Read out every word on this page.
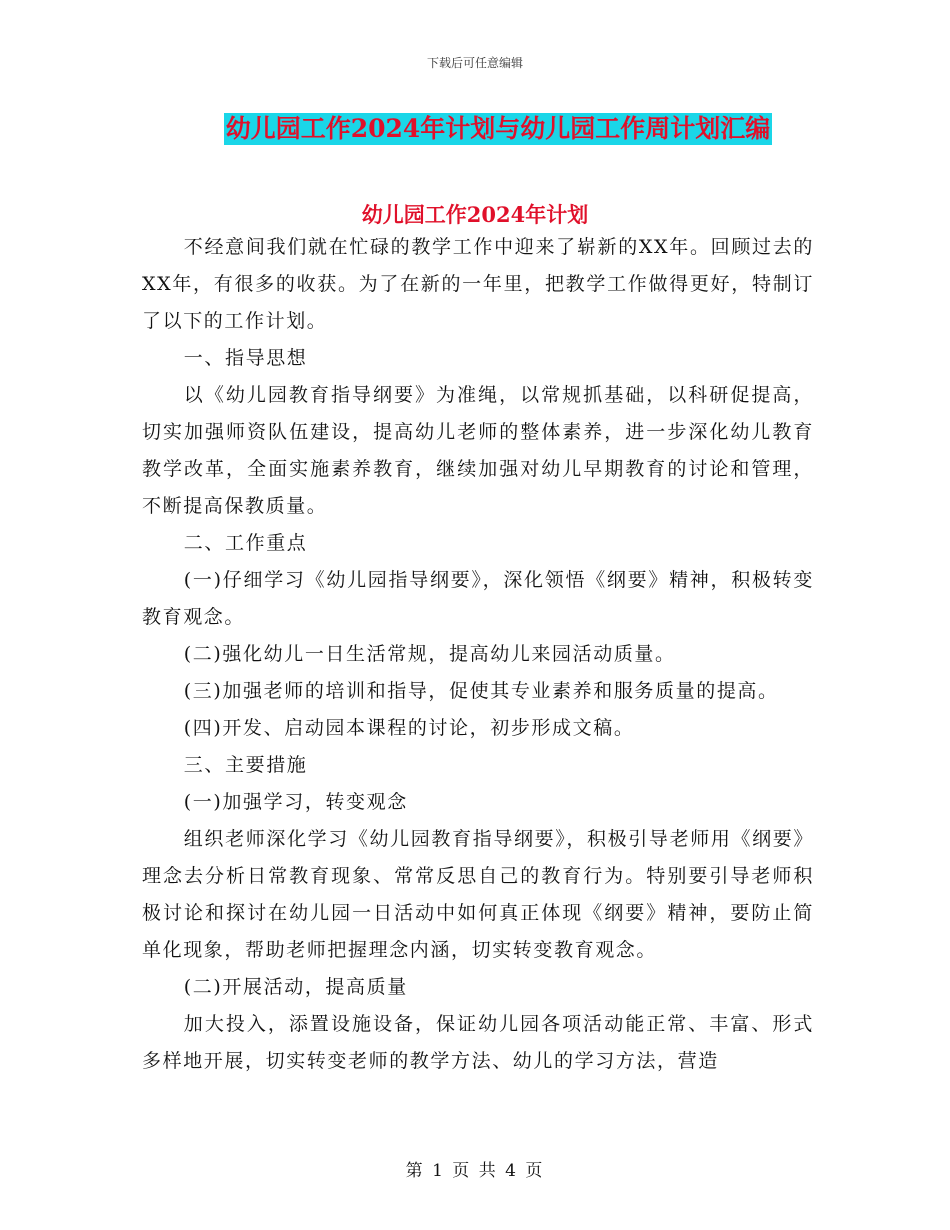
下载后可任意编辑
幼儿园工作2024年计划与幼儿园工作周计划汇编
幼儿园工作2024年计划

不经意间我们就在忙碌的教学工作中迎来了崭新的XX年。回顾过去的XX年，有很多的收获。为了在新的一年里，把教学工作做得更好，特制订了以下的工作计划。

一、指导思想

以《幼儿园教育指导纲要》为准绳，以常规抓基础，以科研促提高，切实加强师资队伍建设，提高幼儿老师的整体素养，进一步深化幼儿教育教学改革，全面实施素养教育，继续加强对幼儿早期教育的讨论和管理，不断提高保教质量。

二、工作重点

(一)仔细学习《幼儿园指导纲要》，深化领悟《纲要》精神，积极转变教育观念。

(二)强化幼儿一日生活常规，提高幼儿来园活动质量。

(三)加强老师的培训和指导，促使其专业素养和服务质量的提高。

(四)开发、启动园本课程的讨论，初步形成文稿。

三、主要措施

(一)加强学习，转变观念

组织老师深化学习《幼儿园教育指导纲要》，积极引导老师用《纲要》理念去分析日常教育现象、常常反思自己的教育行为。特别要引导老师积极讨论和探讨在幼儿园一日活动中如何真正体现《纲要》精神，要防止简单化现象，帮助老师把握理念内涵，切实转变教育观念。

(二)开展活动，提高质量

加大投入，添置设施设备，保证幼儿园各项活动能正常、丰富、形式多样地开展，切实转变老师的教学方法、幼儿的学习方法，营造

第 1 页 共 4 页
